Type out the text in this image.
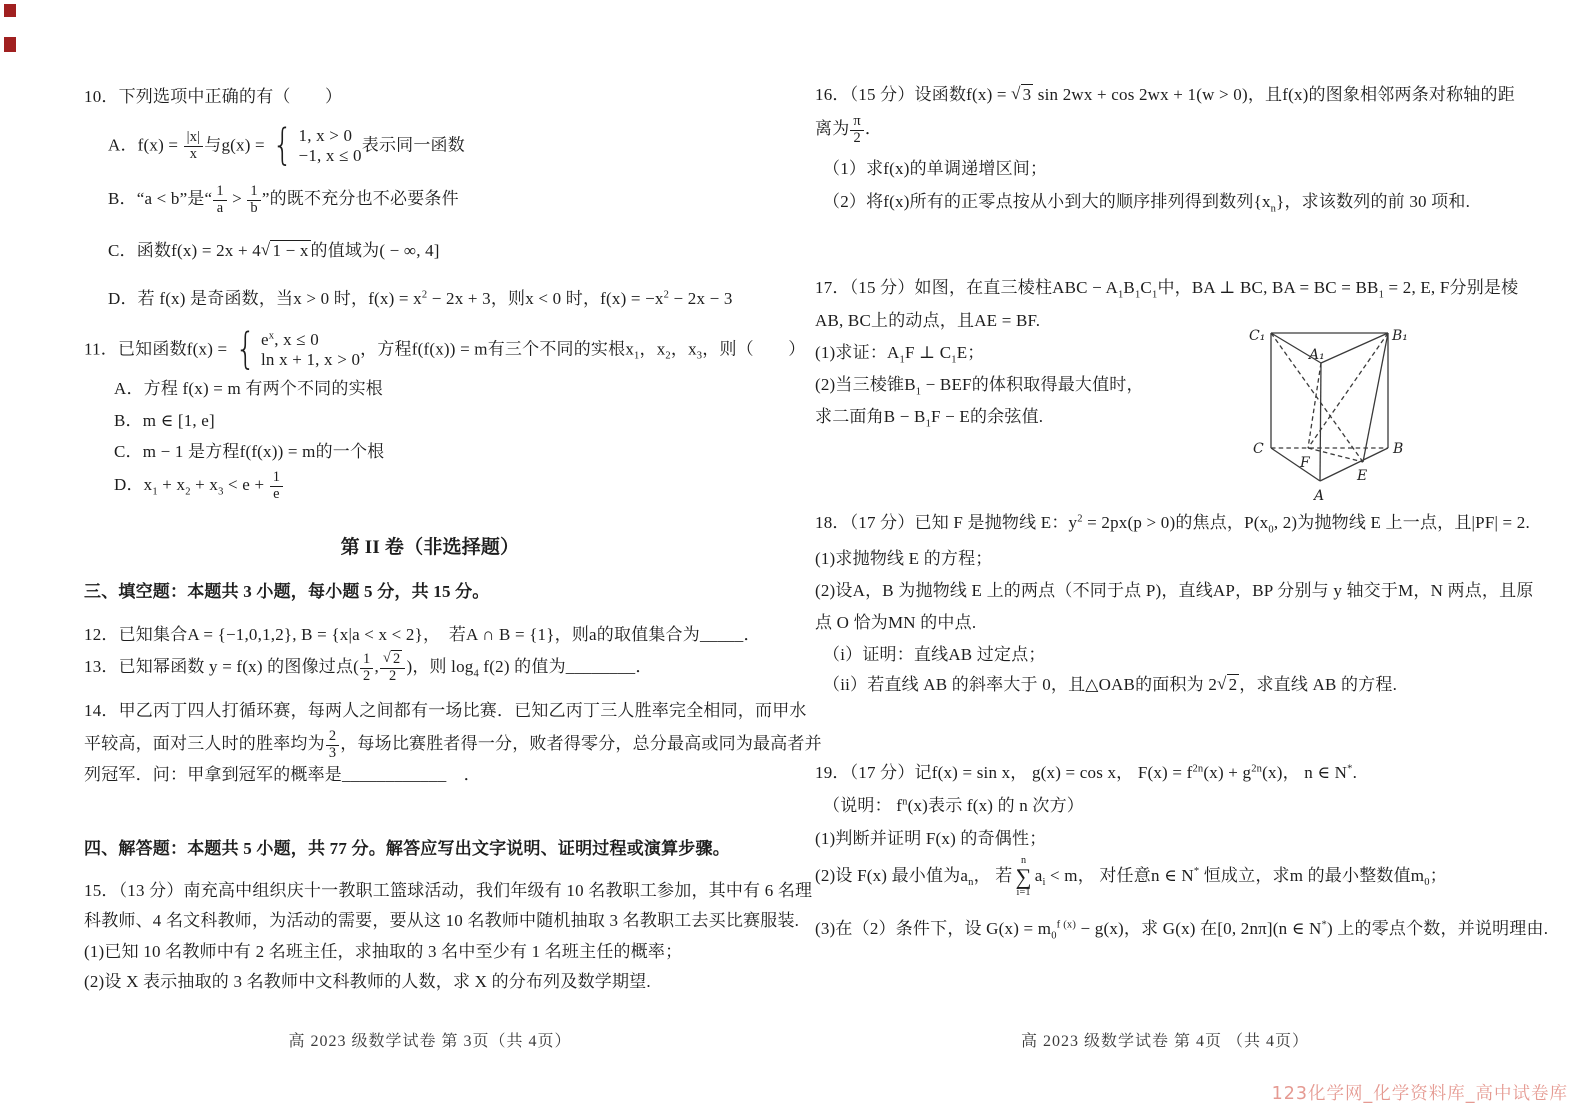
10．下列选项中正确的有（　　）
A．$f(x) = \frac{|x|}{x}$ 与g(x) = { 1, x > 0
−1, x ≤ 0
表示同一函数
B．“a < b”是“ $\frac{1}{a} > \frac{1}{b}$ ”的既不充分也不必要条件
C．函数f(x) = 2x + 4√ 1 − x 的值域为( − ∞, 4]
D．若 f(x) 是奇函数，当x > 0 时，$f(x) = x^2 - 2x + 3$，则x < 0 时，$f(x) = -x^2 - 2x - 3$
11．已知函数f(x) = { $e^x$, x ≤ 0
ln x + 1, x > 0
，方程f(f(x)) = m有三个不同的实根$x_1$，$x_2$，$x_3$，则（　　）
A．方程 f(x) = m 有两个不同的实根
B．m ∈ [1, e]
C．m − 1 是方程f(f(x)) = m的一个根
D．$x_1 + x_2 + x_3 < e + \frac{1}{e}$
第 II 卷（非选择题）
三、填空题：本题共 3 小题，每小题 5 分，共 15 分。
12．已知集合A = {−1,0,1,2}, B = {x|a < x < 2}，　若A ∩ B = {1}，则a的取值集合为_____．
13．已知幂函数 y = f(x) 的图像过点( $\frac{1}{2}$ , $\frac{√ 2}{2}$ )，则 $\log_4 f(2)$ 的值为________．
14．甲乙丙丁四人打循环赛，每两人之间都有一场比赛．已知乙丙丁三人胜率完全相同，而甲水
平较高，面对三人时的胜率均为 $\frac{2}{3}$ ，每场比赛胜者得一分，败者得零分，总分最高或同为最高者并
列冠军．问：甲拿到冠军的概率是____________　．
四、解答题：本题共 5 小题，共 77 分。解答应写出文字说明、证明过程或演算步骤。
15．（13 分）南充高中组织庆十一教职工篮球活动，我们年级有 10 名教职工参加，其中有 6 名理
科教师、4 名文科教师，为活动的需要，要从这 10 名教师中随机抽取 3 名教职工去买比赛服装.
(1)已知 10 名教师中有 2 名班主任，求抽取的 3 名中至少有 1 名班主任的概率；
(2)设 X 表示抽取的 3 名教师中文科教师的人数，求 X 的分布列及数学期望.
高 2023 级数学试卷 第 3页（共 4页）
16．（15 分）设函数f(x) = √ 3 sin 2wx + cos 2wx + 1(w > 0)，且f(x)的图象相邻两条对称轴的距
离为 $\frac{\pi}{2}$ ．
（1）求f(x)的单调递增区间；
（2）将f(x)所有的正零点按从小到大的顺序排列得到数列$\{x_n\}$，求该数列的前 30 项和.
17．（15 分）如图，在直三棱柱ABC − $A_1B_1C_1$中，BA ⊥ BC, BA = BC = $BB_1 = 2$, E, F分别是棱
AB, BC上的动点，且AE = BF.
(1)求证：$A_1F$ ⊥ $C_1E$；
(2)当三棱锥$B_1$ − BEF的体积取得最大值时，
求二面角$B - B_1F - E$的余弦值.
C₁	B₁
A₁
C	B
F
E
A
18．（17 分）已知 F 是抛物线 E：$y^2 = 2px(p > 0)$的焦点，$P(x_0$, 2)为抛物线 E 上一点，且|PF| = 2.
(1)求抛物线 E 的方程；
(2)设A，B 为抛物线 E 上的两点（不同于点 P)，直线AP，BP 分别与 y 轴交于M，N 两点，且原
点 O 恰为MN 的中点.
（i）证明：直线AB 过定点；
（ii）若直线 AB 的斜率大于 0，且△OAB的面积为 2√ 2 ，求直线 AB 的方程.
19．（17 分）记f(x) = sin x， g(x) = cos x， $F(x) = f^{2n}(x) + g^{2n}(x)$， n ∈ N*.
（说明： $f^n(x)$表示 f(x) 的 n 次方）
(1)判断并证明 F(x) 的奇偶性；
(2)设 F(x) 最小值为$a_n$， 若
n
∑
i=1
$a_i < m$， 对任意n ∈ N* 恒成立，求m 的最小整数值$m_0$；
(3)在（2）条件下，设 $G(x) = m_0^{f (x)} - g(x)$，求 G(x) 在[0, 2nπ](n ∈ N*) 上的零点个数，并说明理由.
高 2023 级数学试卷 第 4页 （共 4页）
123化学网_化学资料库_高中试卷库
